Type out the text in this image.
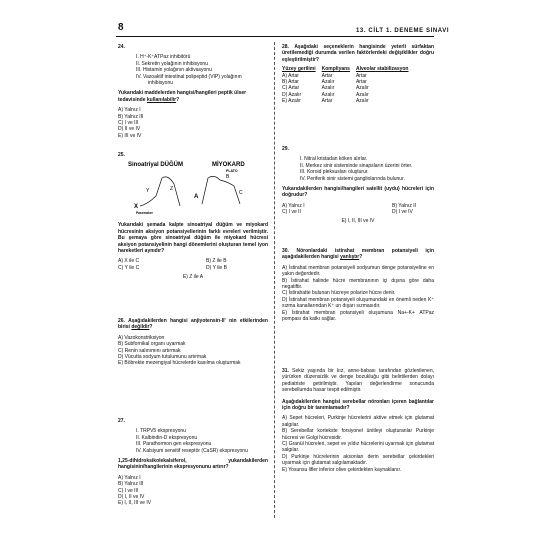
8	13. CİLT 1. DENEME SINAVI
24.
I. H⁺-K⁺ATPaz inhibitörü
II. Sekretin yolağının inhibisyonu
III. Histamin yolağının aktivasyonu
IV. Vazoaktif intestinal polipeptid (VIP) yolağının
inhibisyonu
Yukarıdaki maddelerden hangisi/hangileri peptik ülser tedavisinde kullanılabilir?
A) Yalnız I
B) Yalnız III
C) I ve III
D) II ve IV
E) III ve IV
25.
Sinoatriyal DÜĞÜM	MİYOKARD
PLATO
Y	Z
X
Pacemaker
A
B
C
Yukarıdaki şemada kalpte sinoatriyal düğüm ve miyokard hücresinin aksiyon potansiyellerinin farklı evreleri verilmiştir. Bu şemaya göre sinoatriyal düğüm ile miyokard hücresi aksiyon potansiyelinin hangi dönemlerini oluşturan temel iyon hareketleri aynıdır?
A) X ile C	B) Z ile B
C) Y ile C	D) Y ile B
E) Z ile A
26. Aşağıdakilerden hangisi anjiyotensin-II' nin etkilerinden birisi değildir?
A) Vazokonstriksiyon
B) Subfornikal organı uyarmak
C) Renin salınımını artırmak
D) Vücutta sodyum tutulumunu artırmak
E) Böbrekte mezengiyal hücrelerde kasılma oluşturmak
27.
I. TRPV5 ekspresyonu
II. Kalbindin-D ekspresyonu
III. Parathormon gen ekspresyonu
IV. Kalsiyum sensitif reseptör (CaSR) ekspresyonu
1,25-dihidroksikolekalsiferol, yukarıdakilerden hangisinin/hangilerinin ekspresyonunu artırır?
A) Yalnız I
B) Yalnız III
C) I ve III
D) I, II ve IV
E) I, II, III ve IV
28. Aşağıdaki seçeneklerin hangisinde yeterli sürfaktan üretilemediği durumda verilen faktörlerdeki değişiklikler doğru eşleştirilmiştir?
Yüzey gerilimi	Kompliyans	Alveolar stabilizasyon
A) Artar	Artar	Artar
B) Artar	Azalır	Artar
C) Artar	Azalır	Azalır
D) Azalır	Azalır	Azalır
E) Azalır	Artar	Azalır
29.
I. Nitral kristadan köken alırlar.
II. Merkez sinir sisteminde sinapsların üzerini örter.
III. Koroid pleksusları oluşturur.
IV. Periferik sinir sistemi gangliolarında bulunur.
Yukarıdakilerden hangisi/hangileri satellit (uydu) hücreleri için doğrudur?
A) Yalnız I	B) Yalnız II
C) I ve II	D) I ve IV
E) I, II, III ve IV
30. Nöronlardaki istirahat membran potansiyeli için aşağıdakilerden hangisi yanlıştır?
A) İstirahat membran potansiyeli sodyumun denge potansiyeline en yakın değerdedir.
B) İstirahat halinde hücre membranının içi dışına göre daha negatiftir.
C) İstirahatte bulunan hücreye polarize hücre denir.
D) İstirahat membran potansiyeli oluşumundaki en önemli neden K⁺ sızma kanallarından K⁺ un dışarı sızmasıdır.
E) İstirahat membran potansiyeli oluşumuna Na+-K+ ATPaz pompası da katkı sağlar.
31. Sekiz yaşında bir kız, anne-babası tarafından gözlenilenen, yürürken düzensizlik ve denge bozukluğu gibi belirtilerden dolayı pediatriste getirilmiştir. Yapılan değerlendirme sonucunda serebellumda hasar tespit edilmiştir.
Aşağıdakilerden hangisi serebellar nöronları içeren bağlantılar için doğru bir tanımlamadır?
A) Sepet hücreleri, Purkinje hücrelerini aktive etmek için glutamat salgılar.
B) Serebellar kortekste forsiyonel ünitleyi oluşturanlar Purkinje hücresi ve Golgi hücresidir.
C) Granül hücreleri, sepet ve yıldız hücrelerini uyarmak için glutamat salgılar.
D) Purkinje hücrelerinin aksonları derin serebellar çekirdekleri uyarmak için glutamat salgılamaktadır.
E) Yosunsu lifler inferior olive çekirdekten kaynaklanır.
